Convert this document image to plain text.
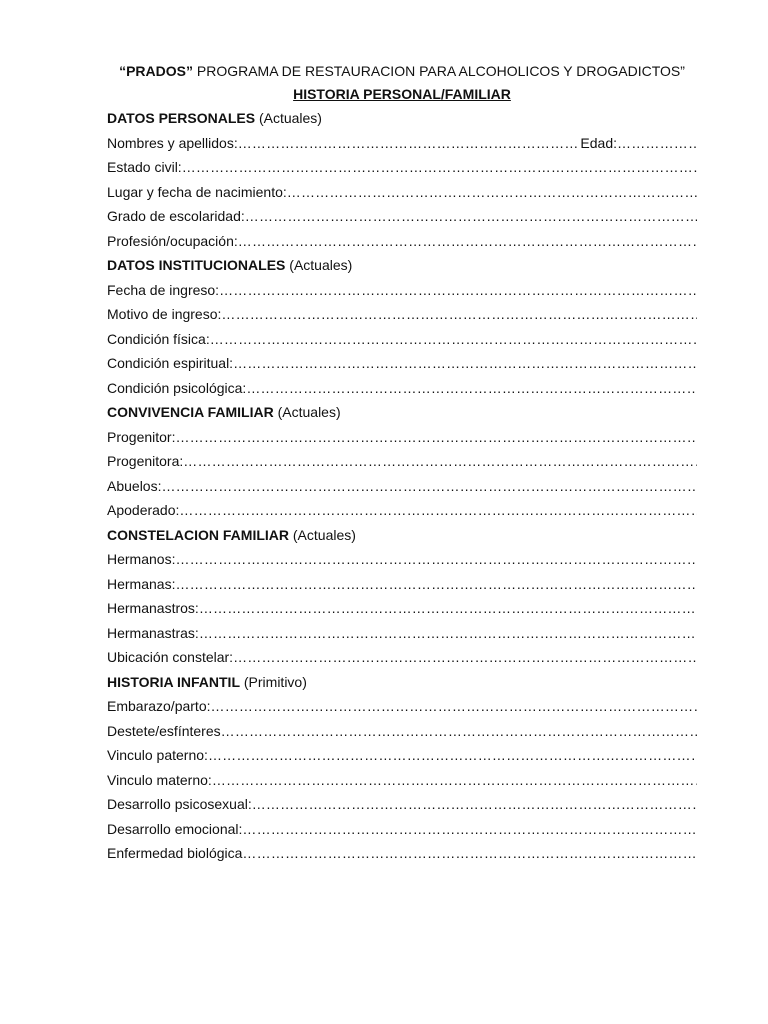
“PRADOS” PROGRAMA DE RESTAURACION PARA ALCOHOLICOS Y DROGADICTOS”
HISTORIA PERSONAL/FAMILIAR
DATOS PERSONALES (Actuales)
Nombres y apellidos:
…………………………………………………………………………………………………………………………………………………………………………………	Edad:
…………………………………………………………………………………………………………………………………………………………………………………
Estado civil:
…………………………………………………………………………………………………………………………………………………………………………………
Lugar y fecha de nacimiento:
…………………………………………………………………………………………………………………………………………………………………………………
Grado de escolaridad:
…………………………………………………………………………………………………………………………………………………………………………………
Profesión/ocupación:
…………………………………………………………………………………………………………………………………………………………………………………
DATOS INSTITUCIONALES (Actuales)
Fecha de ingreso:
…………………………………………………………………………………………………………………………………………………………………………………
Motivo de ingreso:
…………………………………………………………………………………………………………………………………………………………………………………
Condición física:
…………………………………………………………………………………………………………………………………………………………………………………
Condición espiritual:
…………………………………………………………………………………………………………………………………………………………………………………
Condición psicológica:
…………………………………………………………………………………………………………………………………………………………………………………
CONVIVENCIA FAMILIAR (Actuales)
Progenitor:
…………………………………………………………………………………………………………………………………………………………………………………
Progenitora:
…………………………………………………………………………………………………………………………………………………………………………………
Abuelos:
…………………………………………………………………………………………………………………………………………………………………………………
Apoderado:
…………………………………………………………………………………………………………………………………………………………………………………
CONSTELACION FAMILIAR (Actuales)
Hermanos:
…………………………………………………………………………………………………………………………………………………………………………………
Hermanas:
…………………………………………………………………………………………………………………………………………………………………………………
Hermanastros:
…………………………………………………………………………………………………………………………………………………………………………………
Hermanastras:
…………………………………………………………………………………………………………………………………………………………………………………
Ubicación constelar:
…………………………………………………………………………………………………………………………………………………………………………………
HISTORIA INFANTIL (Primitivo)
Embarazo/parto:
…………………………………………………………………………………………………………………………………………………………………………………
Destete/esfínteres
…………………………………………………………………………………………………………………………………………………………………………………
Vinculo paterno:
…………………………………………………………………………………………………………………………………………………………………………………
Vinculo materno:
…………………………………………………………………………………………………………………………………………………………………………………
Desarrollo psicosexual:
…………………………………………………………………………………………………………………………………………………………………………………
Desarrollo emocional:
…………………………………………………………………………………………………………………………………………………………………………………
Enfermedad biológica
…………………………………………………………………………………………………………………………………………………………………………………
